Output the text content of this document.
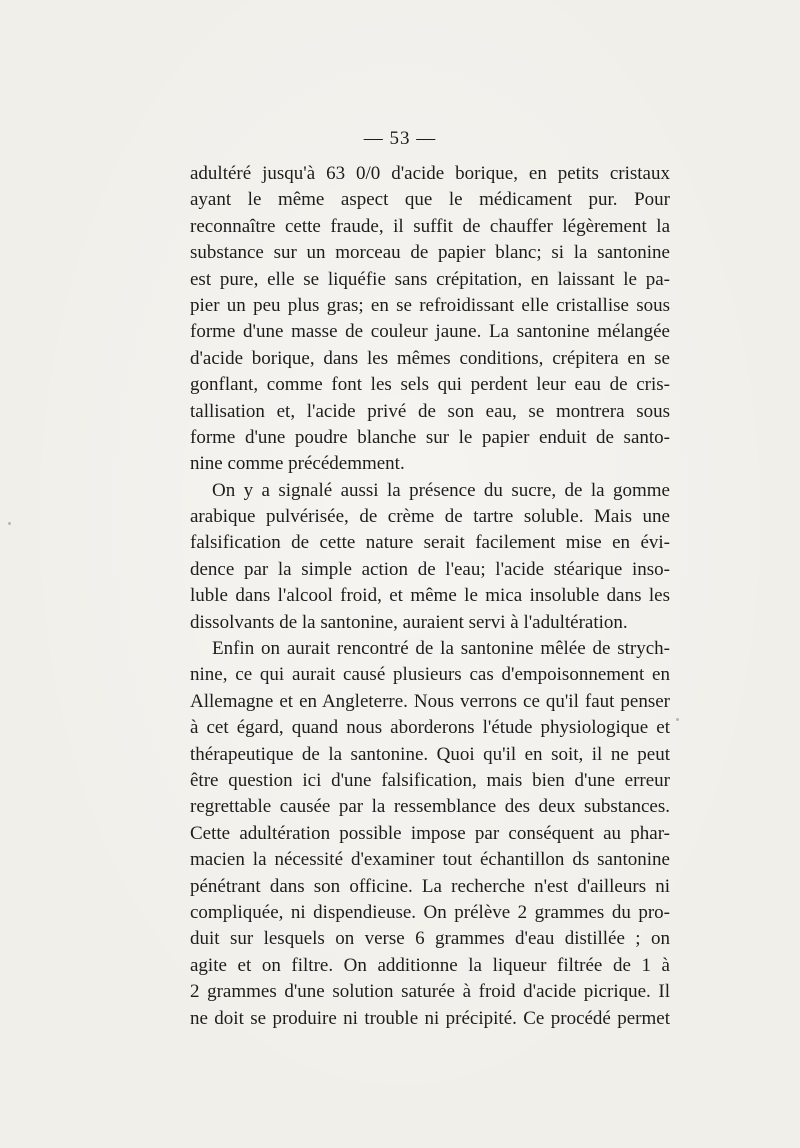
— 53 —
adultéré jusqu'à 63 0/0 d'acide borique, en petits cristaux
ayant le même aspect que le médicament pur. Pour
reconnaître cette fraude, il suffit de chauffer légèrement la
substance sur un morceau de papier blanc; si la santonine
est pure, elle se liquéfie sans crépitation, en laissant le pa-
pier un peu plus gras; en se refroidissant elle cristallise sous
forme d'une masse de couleur jaune. La santonine mélangée
d'acide borique, dans les mêmes conditions, crépitera en se
gonflant, comme font les sels qui perdent leur eau de cris-
tallisation et, l'acide privé de son eau, se montrera sous
forme d'une poudre blanche sur le papier enduit de santo-
nine comme précédemment.
On y a signalé aussi la présence du sucre, de la gomme
arabique pulvérisée, de crème de tartre soluble. Mais une
falsification de cette nature serait facilement mise en évi-
dence par la simple action de l'eau; l'acide stéarique inso-
luble dans l'alcool froid, et même le mica insoluble dans les
dissolvants de la santonine, auraient servi à l'adultération.
Enfin on aurait rencontré de la santonine mêlée de strych-
nine, ce qui aurait causé plusieurs cas d'empoisonnement en
Allemagne et en Angleterre. Nous verrons ce qu'il faut penser
à cet égard, quand nous aborderons l'étude physiologique et
thérapeutique de la santonine. Quoi qu'il en soit, il ne peut
être question ici d'une falsification, mais bien d'une erreur
regrettable causée par la ressemblance des deux substances.
Cette adultération possible impose par conséquent au phar-
macien la nécessité d'examiner tout échantillon ds santonine
pénétrant dans son officine. La recherche n'est d'ailleurs ni
compliquée, ni dispendieuse. On prélève 2 grammes du pro-
duit sur lesquels on verse 6 grammes d'eau distillée ; on
agite et on filtre. On additionne la liqueur filtrée de 1 à
2 grammes d'une solution saturée à froid d'acide picrique. Il
ne doit se produire ni trouble ni précipité. Ce procédé permet
